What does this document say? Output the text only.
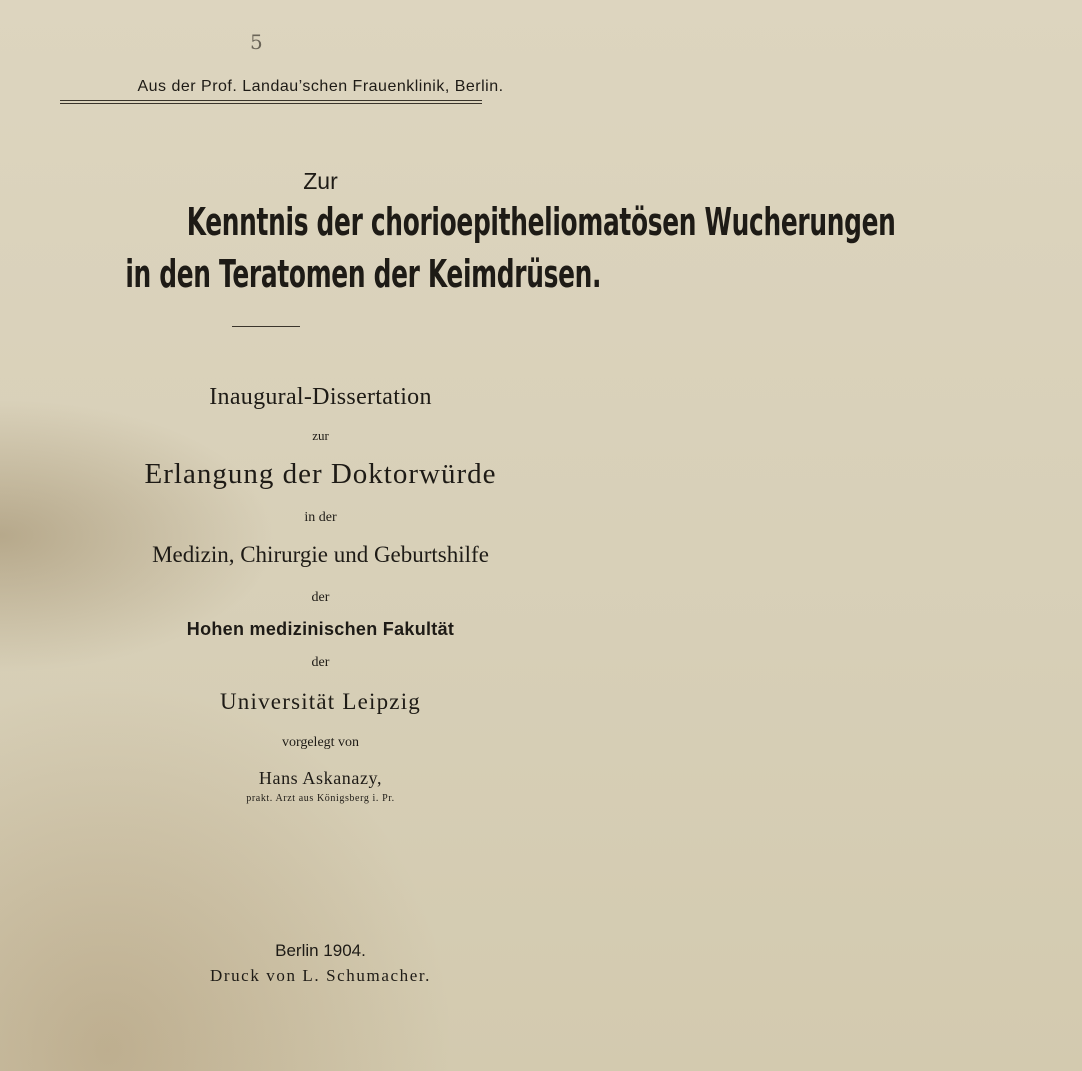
5
Aus der Prof. Landau’schen Frauenklinik, Berlin.
Zur
Kenntnis der chorioepitheliomatösen Wucherungen
in den Teratomen der Keimdrüsen.
Inaugural-Dissertation
zur
Erlangung der Doktorwürde
in der
Medizin, Chirurgie und Geburtshilfe
der
Hohen medizinischen Fakultät
der
Universität Leipzig
vorgelegt von
Hans Askanazy,
prakt. Arzt aus Königsberg i. Pr.
Berlin 1904.
Druck von L. Schumacher.
